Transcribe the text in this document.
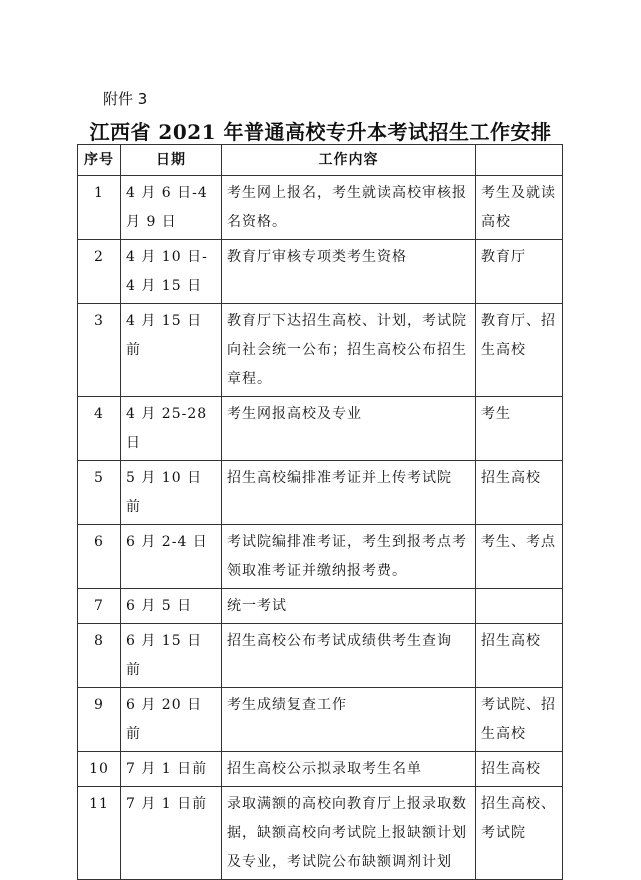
附件 3
江西省 2021 年普通高校专升本考试招生工作安排
序号	日期	工作内容	
1	4 月 6 日-4 月 9 日	考生网上报名，考生就读高校审核报名资格。	考生及就读高校
2	4 月 10 日-4 月 15 日	教育厅审核专项类考生资格	教育厅
3	4 月 15 日前	教育厅下达招生高校、计划，考试院向社会统一公布；招生高校公布招生章程。	教育厅、招生高校
4	4 月 25-28 日	考生网报高校及专业	考生
5	5 月 10 日前	招生高校编排准考证并上传考试院	招生高校
6	6 月 2-4 日	考试院编排准考证，考生到报考点考领取准考证并缴纳报考费。	考生、考点
7	6 月 5 日	统一考试	
8	6 月 15 日前	招生高校公布考试成绩供考生查询	招生高校
9	6 月 20 日前	考生成绩复查工作	考试院、招生高校
10	7 月 1 日前	招生高校公示拟录取考生名单	招生高校
11	7 月 1 日前	录取满额的高校向教育厅上报录取数据，缺额高校向考试院上报缺额计划及专业，考试院公布缺额调剂计划	招生高校、考试院
